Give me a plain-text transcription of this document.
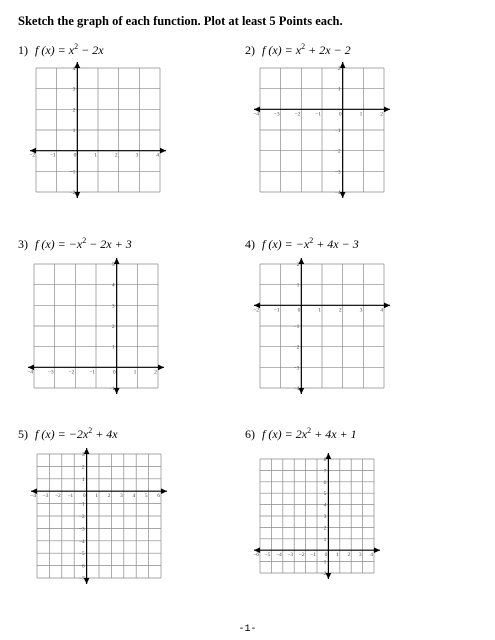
Sketch the graph of each function. Plot at least 5 Points each.
1) f $(x) = x^2 - 2x$	2) f $(x) = x^2 + 2x - 2$
3) f $(x) = -x^2 - 2x + 3$	4) f $(x) = -x^2 + 4x - 3$
5) f $(x) = -2x^2 + 4x$	6) f $(x) = 2x^2 + 4x + 1$
−2	−1	0	1	2	3	4
−2
−1
1
2
3
4
−4	−3	−2	−1	0	1	2
−4
−3
−2
−1
1
2
−4	−3	−2	−1	0	1	2
−1
1
2
3
4
5
−2	−1	0	1	2	3	4
−4
−3
−2
−1
1
2
−4 −3 −2 −1 0 1 2 3 4 5 6
−7
−6
−5
−4
−3
−2
−1
1
2
3
−6 −5 −4 −3 −2 −1 0 1 2 3 4
−2
−1
1
2
3
4
5
6
7
8
-1-
